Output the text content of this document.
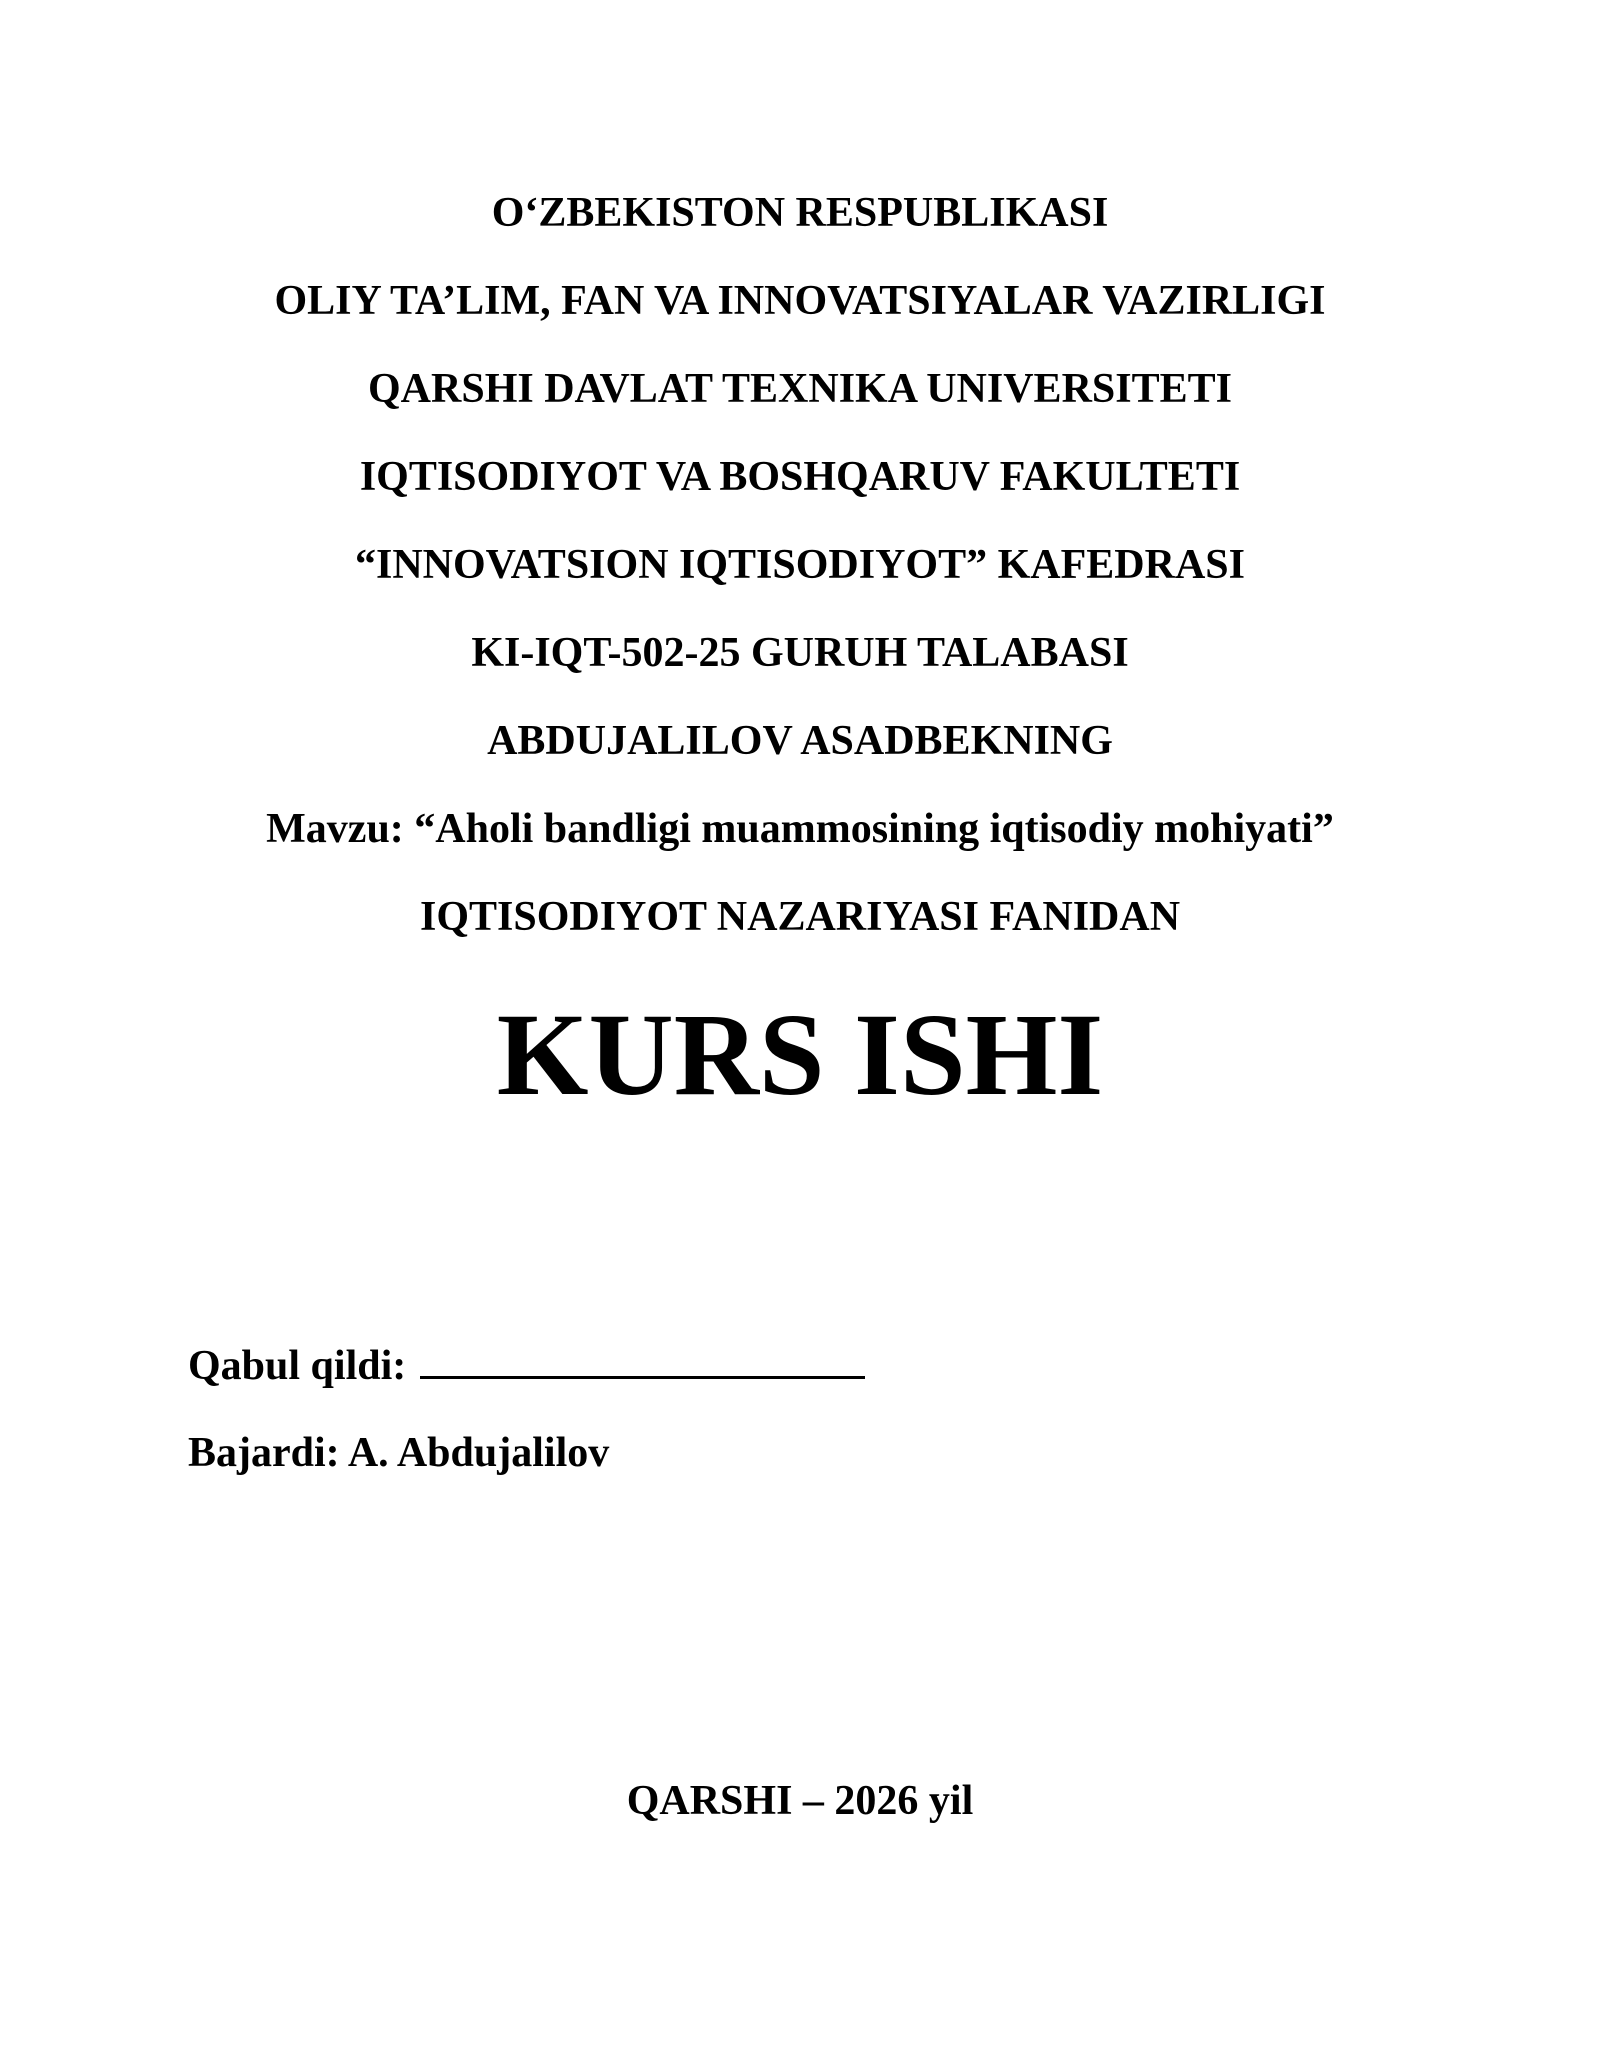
O‘ZBEKISTON RESPUBLIKASI
OLIY TA’LIM, FAN VA INNOVATSIYALAR VAZIRLIGI
QARSHI DAVLAT TEXNIKA UNIVERSITETI
IQTISODIYOT VA BOSHQARUV FAKULTETI
“INNOVATSION IQTISODIYOT” KAFEDRASI
KI-IQT-502-25 GURUH TALABASI
ABDUJALILOV ASADBEKNING
Mavzu: “Aholi bandligi muammosining iqtisodiy mohiyati”
IQTISODIYOT NAZARIYASI FANIDAN
KURS ISHI
Qabul qildi:
Bajardi: A. Abdujalilov
QARSHI – 2026 yil
